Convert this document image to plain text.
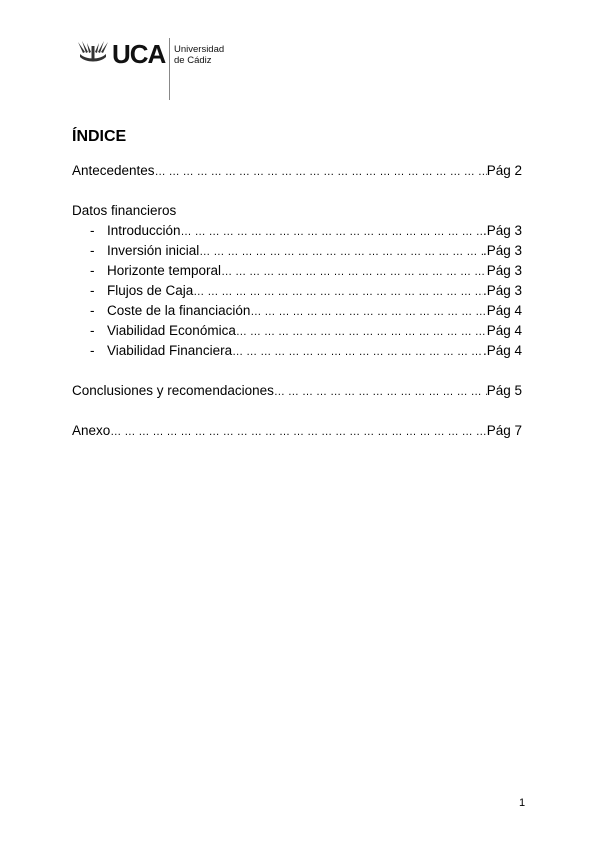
UCA Universidad
de Cádiz
ÍNDICE
Antecedentes … … … … … … … … … … … … … … … … … … … … … … … … … … … … … … … … … … … … … … … … … …	Pág 2
Datos financieros
- Introducción … … … … … … … … … … … … … … … … … … … … … … … … … … … … … … … … … … … … … … … … … …	.Pág 3
- Inversión inicial … … … … … … … … … … … … … … … … … … … … … … … … … … … … … … … … … … … … … … … … … …	.Pág 3
- Horizonte temporal … … … … … … … … … … … … … … … … … … … … … … … … … … … … … … … … … … … … … … … … … …	Pág 3
- Flujos de Caja … … … … … … … … … … … … … … … … … … … … … … … … … … … … … … … … … … … … … … … … … …	.Pág 3
- Coste de la financiación … … … … … … … … … … … … … … … … … … … … … … … … … … … … … … … … … … … … … … … … … …	Pág 4
- Viabilidad Económica … … … … … … … … … … … … … … … … … … … … … … … … … … … … … … … … … … … … … … … … … …	Pág 4
- Viabilidad Financiera … … … … … … … … … … … … … … … … … … … … … … … … … … … … … … … … … … … … … … … … … …	.Pág 4
Conclusiones y recomendaciones … … … … … … … … … … … … … … … … … … … … … … … … … … … … … … … … … … … … … … … … … …	Pág 5
Anexo … … … … … … … … … … … … … … … … … … … … … … … … … … … … … … … … … … … … … … … … … …	Pág 7
1
